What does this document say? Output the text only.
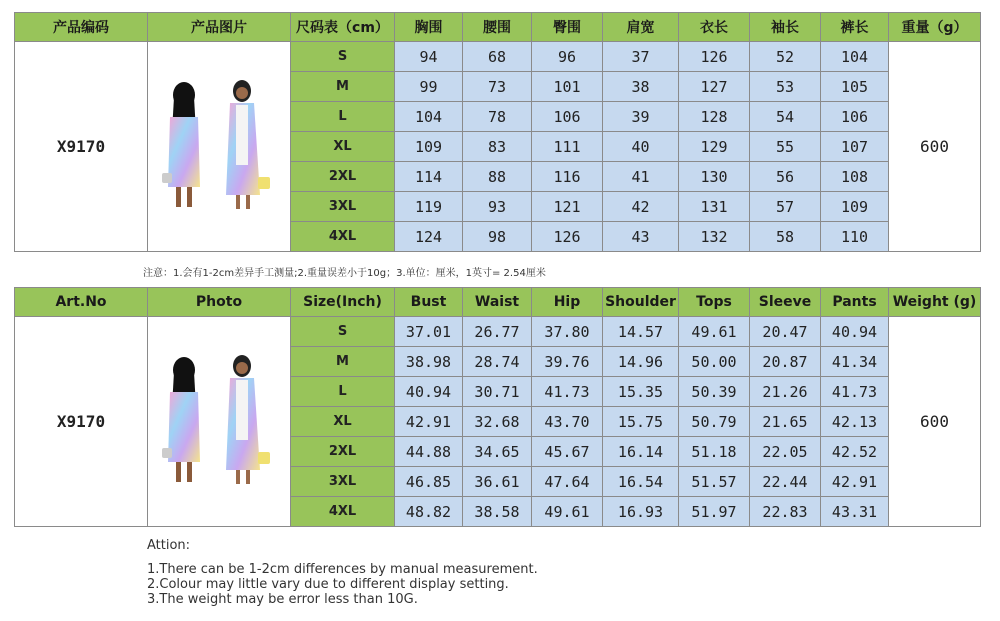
产品编码	产品图片	尺码表（cm）	胸围	腰围	臀围	肩宽	衣长	袖长	裤长	重量（g）
X9170		S	94	68	96	37	126	52	104	600
		M	99	73	101	38	127	53	105	
		L	104	78	106	39	128	54	106	
		XL	109	83	111	40	129	55	107	
		2XL	114	88	116	41	130	56	108	
		3XL	119	93	121	42	131	57	109	
		4XL	124	98	126	43	132	58	110	
注意：1.会有1-2cm差异手工测量;2.重量误差小于10g；3.单位：厘米，1英寸= 2.54厘米
Art.No	Photo	Size(Inch)	Bust	Waist	Hip	Shoulder	Tops	Sleeve	Pants	Weight (g)
X9170		S	37.01	26.77	37.80	14.57	49.61	20.47	40.94	600
		M	38.98	28.74	39.76	14.96	50.00	20.87	41.34	
		L	40.94	30.71	41.73	15.35	50.39	21.26	41.73	
		XL	42.91	32.68	43.70	15.75	50.79	21.65	42.13	
		2XL	44.88	34.65	45.67	16.14	51.18	22.05	42.52	
		3XL	46.85	36.61	47.64	16.54	51.57	22.44	42.91	
		4XL	48.82	38.58	49.61	16.93	51.97	22.83	43.31	
Attion:
1.There can be 1-2cm differences by manual measurement.
2.Colour may little vary due to different display setting.
3.The weight may be error less than 10G.
